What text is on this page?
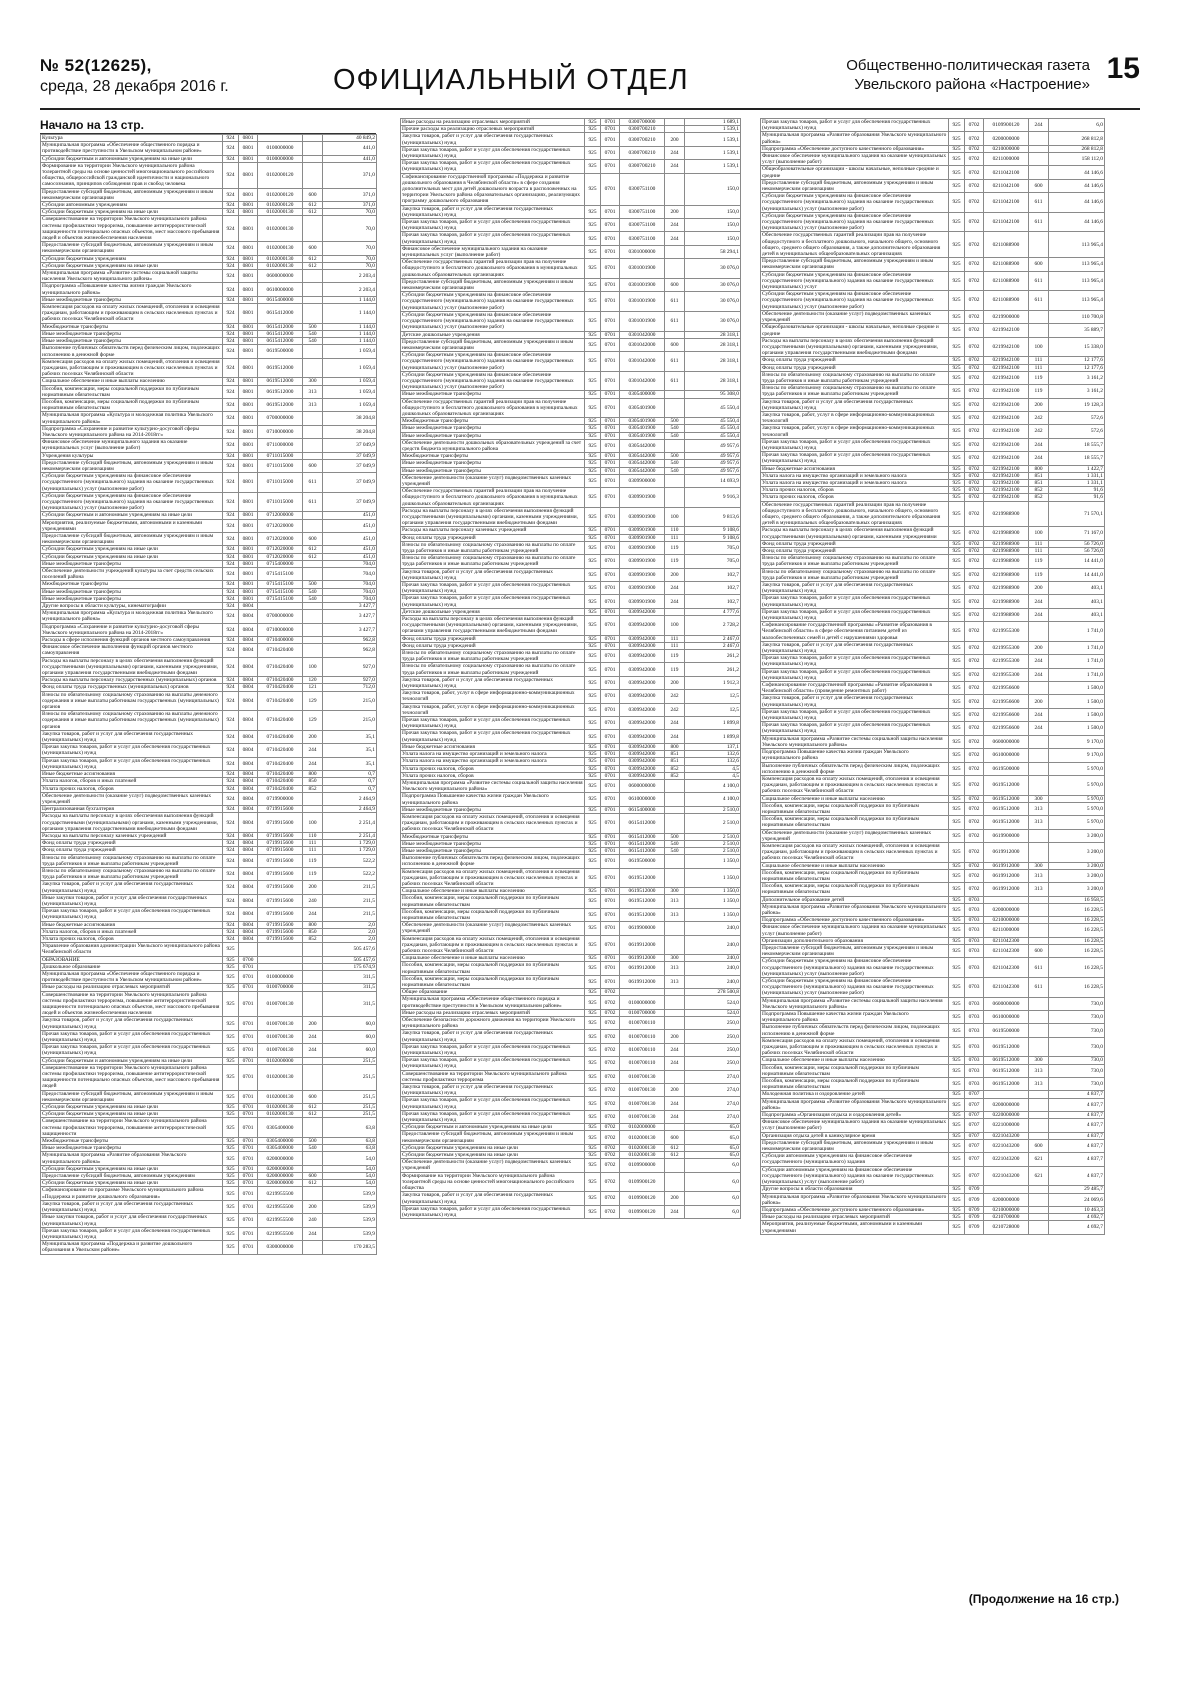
№ 52(12625),
среда, 28 декабря 2016 г.	ОФИЦИАЛЬНЫЙ ОТДЕЛ	Общественно-политическая газета
Увельского района «Настроение» 15
Начало на 13 стр.
Культура	924	0801			40 849,2
Муниципальная программа «Обеспечение общественного порядка и противодействие преступности в Увельском муниципальном районе»	924	0801	0100000000		441,0
Субсидии бюджетным и автономным учреждениям на иные цели	924	0801	0100000000		441,0
Формирование на территории Увельского муниципального района толерантной среды на основе ценностей многонационального российского общества, общероссийской гражданской идентичности и национального самосознания, принципов соблюдения прав и свобод человека	924	0801	0102000120		371,0
Предоставление субсидий бюджетным, автономным учреждениям и иным некоммерческим организациям	924	0801	0102000120	600	371,0
Субсидии автономным учреждениям	924	0801	0102000120	612	371,0
Субсидии бюджетным учреждениям на иные цели	924	0801	0102000130	612	70,0
Совершенствование на территории Увельского муниципального района системы профилактики терроризма, повышение антитеррористической защищенности потенциально опасных объектов, мест массового пребывания людей и объектов жизнеобеспечения населения	924	0801	0102000130		70,0
Предоставление субсидий бюджетным, автономным учреждениям и иным некоммерческим организациям	924	0801	0102000130	600	70,0
Субсидии бюджетным учреждениям	924	0801	0102000130	612	70,0
Субсидии бюджетным учреждениям на иные цели	924	0801	0102000130	612	70,0
Муниципальная программа «Развитие системы социальной защиты населения Увельского муниципального района»	924	0801	0600000000		2 203,4
Подпрограмма «Повышение качества жизни граждан Увельского муниципального района»	924	0801	0610000000		2 203,4
Иные межбюджетные трансферты	924	0801	0615400000		1 144,0
Компенсация расходов на оплату жилых помещений, отопления и освещения гражданам, работающим и проживающим в сельских населенных пунктах и рабочих поселках Челябинской области	924	0801	0615412000		1 144,0
Межбюджетные трансферты	924	0801	0615412000	500	1 144,0
Иные межбюджетные трансферты	924	0801	0615412000	540	1 144,0
Иные межбюджетные трансферты	924	0801	0615412000	540	1 144,0
Выполнение публичных обязательств перед физическим лицом, подлежащих исполнению в денежной форме	924	0801	0619500000		1 059,4
Компенсация расходов на оплату жилых помещений, отопления и освещения гражданам, работающим и проживающим в сельских населенных пунктах и рабочих поселках Челябинской области	924	0801	0619512000		1 059,4
Социальное обеспечение и иные выплаты населению	924	0801	0619512000	300	1 059,4
Пособия, компенсации, меры социальной поддержки по публичным нормативным обязательствам	924	0801	0619512000	313	1 059,4
Пособия, компенсации, меры социальной поддержки по публичным нормативным обязательствам	924	0801	0619512000	313	1 059,4
Муниципальная программа «Культура и молодежная политика Увельского муниципального района»	924	0801	0700000000		38 204,8
Подпрограмма «Сохранение и развитие культурно-досуговой сферы Увельского муниципального района на 2014-2018гг»	924	0801	0710000000		38 204,8
Финансовое обеспечение муниципального задания на оказание муниципальных услуг (выполнение работ)	924	0801	0711000000		37 049,9
Учреждения культуры	924	0801	0711015000		37 049,9
Предоставление субсидий бюджетным, автономным учреждениям и иным некоммерческим организациям	924	0801	0711015000	600	37 049,9
Субсидии бюджетным учреждениям на финансовое обеспечение государственного (муниципального) задания на оказание государственных (муниципальных) услуг (выполнение работ)	924	0801	0711015000	611	37 049,9
Субсидии бюджетным учреждениям на финансовое обеспечение государственного (муниципального) задания на оказание государственных (муниципальных) услуг (выполнение работ)	924	0801	0711015000	611	37 049,9
Субсидии бюджетным и автономным учреждениям на иные цели	924	0801	0712000000		451,0
Мероприятия, реализуемые бюджетными, автономными и казенными учреждениями	924	0801	0712020000		451,0
Предоставление субсидий бюджетным, автономным учреждениям и иным некоммерческим организациям	924	0801	0712020000	600	451,0
Субсидии бюджетным учреждениям на иные цели	924	0801	0712020000	612	451,0
Субсидии бюджетным учреждениям на иные цели	924	0801	0712020000	612	451,0
Иные межбюджетные трансферты	924	0801	0715400000		704,0
Обеспечение деятельности учреждений культуры за счет средств сельских поселений района	924	0801	0715415100		704,0
Межбюджетные трансферты	924	0801	0715415100	500	704,0
Иные межбюджетные трансферты	924	0801	0715415100	540	704,0
Иные межбюджетные трансферты	924	0801	0715415100	540	704,0
Другие вопросы в области культуры, кинематографии	924	0804			3 427,7
Муниципальная программа «Культура и молодежная политика Увельского муниципального района»	924	0804	0700000000		3 427,7
Подпрограмма «Сохранение и развитие культурно-досуговой сферы Увельского муниципального района на 2014-2018гг»	924	0804	0710000000		3 427,7
Расходы в сфере исполнения функций органов местного самоуправления	924	0804	0710400000		962,8
Финансовое обеспечение выполнения функций органов местного самоуправления	924	0804	0710420400		962,8
Расходы на выплаты персоналу в целях обеспечения выполнения функций государственными (муниципальными) органами, казенными учреждениями, органами управления государственными внебюджетными фондами	924	0804	0710420400	100	927,0
Расходы на выплаты персоналу государственных (муниципальных) органов	924	0804	0710420400	120	927,0
Фонд оплаты труда государственных (муниципальных) органов	924	0804	0710420400	121	712,0
Взносы по обязательному социальному страхованию на выплаты денежного содержания и иные выплаты работникам государственных (муниципальных) органов	924	0804	0710420400	129	215,0
Взносы по обязательному социальному страхованию на выплаты денежного содержания и иные выплаты работникам государственных (муниципальных) органов	924	0804	0710420400	129	215,0
Закупка товаров, работ и услуг для обеспечения государственных (муниципальных) нужд	924	0804	0710420400	200	35,1
Прочая закупка товаров, работ и услуг для обеспечения государственных (муниципальных) нужд	924	0804	0710420400	244	35,1
Прочая закупка товаров, работ и услуг для обеспечения государственных (муниципальных) нужд	924	0804	0710420400	244	35,1
Иные бюджетные ассигнования	924	0804	0710420400	800	0,7
Уплата налогов, сборов и иных платежей	924	0804	0710420400	850	0,7
Уплата прочих налогов, сборов	924	0804	0710420400	852	0,7
Обеспечение деятельности (оказание услуг) подведомственных казенных учреждений	924	0804	0719900000		2 464,9
Централизованная бухгалтерия	924	0804	0719915600		2 464,9
Расходы на выплаты персоналу в целях обеспечения выполнения функций государственными (муниципальными) органами, казенными учреждениями, органами управления государственными внебюджетными фондами	924	0804	0719915600	100	2 251,4
Расходы на выплаты персоналу казенных учреждений	924	0804	0719915600	110	2 251,4
Фонд оплаты труда учреждений	924	0804	0719915600	111	1 729,0
Фонд оплаты труда учреждений	924	0804	0719915600	111	1 729,0
Взносы по обязательному социальному страхованию на выплаты по оплате труда работников и иные выплаты работникам учреждений	924	0804	0719915600	119	522,2
Взносы по обязательному социальному страхованию на выплаты по оплате труда работников и иные выплаты работникам учреждений	924	0804	0719915600	119	522,2
Закупка товаров, работ и услуг для обеспечения государственных (муниципальных) нужд	924	0804	0719915600	200	211,5
Иные закупки товаров, работ и услуг для обеспечения государственных (муниципальных) нужд	924	0804	0719915600	240	211,5
Прочая закупка товаров, работ и услуг для обеспечения государственных (муниципальных) нужд	924	0804	0719915600	244	211,5
Иные бюджетные ассигнования	924	0804	0719915600	800	2,0
Уплата налогов, сборов и иных платежей	924	0804	0719915600	850	2,0
Уплата прочих налогов, сборов	924	0804	0719915600	852	2,0
Управление образования администрации Увельского муниципального района Челябинской области	925				505 457,6
ОБРАЗОВАНИЕ	925	0700			505 457,6
Дошкольное образование	925	0701			175 674,9
Муниципальная программа «Обеспечение общественного порядка и противодействие преступности в Увельском муниципальном районе»	925	0701	0100000000		311,5
Иные расходы на реализацию отраслевых мероприятий	925	0701	0100700000		311,5
Совершенствование на территории Увельского муниципального района системы профилактики терроризма, повышение антитеррористической защищенности потенциально опасных объектов, мест массового пребывания людей и объектов жизнеобеспечения населения	925	0701	0100700130		311,5
Закупка товаров, работ и услуг для обеспечения государственных (муниципальных) нужд	925	0701	0100700130	200	60,0
Прочая закупка товаров, работ и услуг для обеспечения государственных (муниципальных) нужд	925	0701	0100700130	244	60,0
Прочая закупка товаров, работ и услуг для обеспечения государственных (муниципальных) нужд	925	0701	0100700130	244	60,0
Субсидии бюджетным и автономным учреждениям на иные цели	925	0701	0102000000		251,5
Совершенствование на территории Увельского муниципального района системы профилактики терроризма, повышение антитеррористической защищенности потенциально опасных объектов, мест массового пребывания людей	925	0701	0102000130		251,5
Предоставление субсидий бюджетным, автономным учреждениям и иным некоммерческим организациям	925	0701	0102000130	600	251,5
Субсидии бюджетным учреждениям на иные цели	925	0701	0102000130	612	251,5
Субсидии бюджетным учреждениям на иные цели	925	0701	0102000130	612	251,5
Совершенствование на территории Увельского муниципального района системы профилактики терроризма, повышение антитеррористической защищенности	925	0701	0305400000		63,8
Межбюджетные трансферты	925	0701	0305400000	500	63,8
Иные межбюджетные трансферты	925	0701	0305400000	540	63,8
Муниципальная программа «Развитие образования Увельского муниципального района»	925	0701	0200000000		54,0
Субсидии бюджетным учреждениям на иные цели	925	0701	0200000000		54,0
Предоставление субсидий бюджетным, автономным учреждениям	925	0701	0200000000	600	54,0
Субсидии бюджетным учреждениям на иные цели	925	0701	0200000000	612	54,0
Софинансирование по программе Увельского муниципального района «Поддержка и развитие дошкольного образования»	925	0701	0219955500		539,9
Закупка товаров, работ и услуг для обеспечения государственных (муниципальных) нужд	925	0701	0219955500	200	539,9
Иные закупки товаров, работ и услуг для обеспечения государственных (муниципальных) нужд	925	0701	0219955500	240	539,9
Прочая закупка товаров, работ и услуг для обеспечения государственных (муниципальных) нужд	925	0701	0219955500	244	539,9
Муниципальная программа «Поддержка и развитие дошкольного образования в Увельском районе»	925	0701	0300000000		170 283,5
Иные расходы на реализацию отраслевых мероприятий	925	0701	0300700000		1 689,1
Прочие расходы на реализацию отраслевых мероприятий	925	0701	0300700210		1 539,1
Закупка товаров, работ и услуг для обеспечения государственных (муниципальных) нужд	925	0701	0300700210	200	1 539,1
Прочая закупка товаров, работ и услуг для обеспечения государственных (муниципальных) нужд	925	0701	0300700210	244	1 539,1
Прочая закупка товаров, работ и услуг для обеспечения государственных (муниципальных) нужд	925	0701	0300700210	244	1 539,1
Софинансирование государственной программы «Поддержка и развитие дошкольного образования в Челябинской области» в сфере создания дополнительных мест для детей дошкольного возраста в расположенных на территории Увельского района образовательных организациях, реализующих программу дошкольного образования	925	0701	0300751100		150,0
Закупка товаров, работ и услуг для обеспечения государственных (муниципальных) нужд	925	0701	0300751100	200	150,0
Прочая закупка товаров, работ и услуг для обеспечения государственных (муниципальных) нужд	925	0701	0300751100	244	150,0
Прочая закупка товаров, работ и услуг для обеспечения государственных (муниципальных) нужд	925	0701	0300751100	244	150,0
Финансовое обеспечение муниципального задания на оказание муниципальных услуг (выполнение работ)	925	0701	0301000000		58 294,1
Обеспечение государственных гарантий реализации прав на получение общедоступного и бесплатного дошкольного образования в муниципальных дошкольных образовательных организациях	925	0701	0301001900		30 076,0
Предоставление субсидий бюджетным, автономным учреждениям и иным некоммерческим организациям	925	0701	0301001900	600	30 076,0
Субсидии бюджетным учреждениям на финансовое обеспечение государственного (муниципального) задания на оказание государственных (муниципальных) услуг (выполнение работ)	925	0701	0301001900	611	30 076,0
Субсидии бюджетным учреждениям на финансовое обеспечение государственного (муниципального) задания на оказание государственных (муниципальных) услуг (выполнение работ)	925	0701	0301001900	611	30 076,0
Детские дошкольные учреждения	925	0701	0301042000		28 318,1
Предоставление субсидий бюджетным, автономным учреждениям и иным некоммерческим организациям	925	0701	0301042000	600	28 318,1
Субсидии бюджетным учреждениям на финансовое обеспечение государственного (муниципального) задания на оказание государственных (муниципальных) услуг (выполнение работ)	925	0701	0301042000	611	28 318,1
Субсидии бюджетным учреждениям на финансовое обеспечение государственного (муниципального) задания на оказание государственных (муниципальных) услуг (выполнение работ)	925	0701	0301042000	611	28 318,1
Иные межбюджетные трансферты	925	0701	0305400000		95 308,0
Обеспечение государственных гарантий реализации прав на получение общедоступного и бесплатного дошкольного образования в муниципальных дошкольных образовательных организациях	925	0701	0305401900		45 550,4
Межбюджетные трансферты	925	0701	0305401900	500	45 550,4
Иные межбюджетные трансферты	925	0701	0305401900	540	45 550,4
Иные межбюджетные трансферты	925	0701	0305401900	540	45 550,4
Обеспечение деятельности дошкольных образовательных учреждений за счет средств бюджета муниципального района	925	0701	0305442000		49 957,6
Межбюджетные трансферты	925	0701	0305442000	500	49 957,6
Иные межбюджетные трансферты	925	0701	0305442000	540	49 957,6
Иные межбюджетные трансферты	925	0701	0305442000	540	49 957,6
Обеспечение деятельности (оказание услуг) подведомственных казенных учреждений	925	0701	0309900000		14 693,9
Обеспечение государственных гарантий реализации прав на получение общедоступного и бесплатного дошкольного образования в муниципальных дошкольных образовательных организациях	925	0701	0309901900		9 916,3
Расходы на выплаты персоналу в целях обеспечения выполнения функций государственными (муниципальными) органами, казенными учреждениями, органами управления государственными внебюджетными фондами	925	0701	0309901900	100	9 813,6
Расходы на выплаты персоналу казенных учреждений	925	0701	0309901900	110	9 108,6
Фонд оплаты труда учреждений	925	0701	0309901900	111	9 108,6
Взносы по обязательному социальному страхованию на выплаты по оплате труда работников и иные выплаты работникам учреждений	925	0701	0309901900	119	705,0
Взносы по обязательному социальному страхованию на выплаты по оплате труда работников и иные выплаты работникам учреждений	925	0701	0309901900	119	705,0
Закупка товаров, работ и услуг для обеспечения государственных (муниципальных) нужд	925	0701	0309901900	200	102,7
Прочая закупка товаров, работ и услуг для обеспечения государственных (муниципальных) нужд	925	0701	0309901900	244	102,7
Прочая закупка товаров, работ и услуг для обеспечения государственных (муниципальных) нужд	925	0701	0309901900	244	102,7
Детские дошкольные учреждения	925	0701	0309942000		4 777,6
Расходы на выплаты персоналу в целях обеспечения выполнения функций государственными (муниципальными) органами, казенными учреждениями, органами управления государственными внебюджетными фондами	925	0701	0309942000	100	2 728,2
Фонд оплаты труда учреждений	925	0701	0309942000	111	2 467,0
Фонд оплаты труда учреждений	925	0701	0309942000	111	2 467,0
Взносы по обязательному социальному страхованию на выплаты по оплате труда работников и иные выплаты работникам учреждений	925	0701	0309942000	119	261,2
Взносы по обязательному социальному страхованию на выплаты по оплате труда работников и иные выплаты работникам учреждений	925	0701	0309942000	119	261,2
Закупка товаров, работ и услуг для обеспечения государственных (муниципальных) нужд	925	0701	0309942000	200	1 912,3
Закупка товаров, работ, услуг в сфере информационно-коммуникационных технологий	925	0701	0309942000	242	12,5
Закупка товаров, работ, услуг в сфере информационно-коммуникационных технологий	925	0701	0309942000	242	12,5
Прочая закупка товаров, работ и услуг для обеспечения государственных (муниципальных) нужд	925	0701	0309942000	244	1 899,8
Прочая закупка товаров, работ и услуг для обеспечения государственных (муниципальных) нужд	925	0701	0309942000	244	1 899,8
Иные бюджетные ассигнования	925	0701	0309942000	800	137,1
Уплата налога на имущество организаций и земельного налога	925	0701	0309942000	851	132,6
Уплата налога на имущество организаций и земельного налога	925	0701	0309942000	851	132,6
Уплата прочих налогов, сборов	925	0701	0309942000	852	4,5
Уплата прочих налогов, сборов	925	0701	0309942000	852	4,5
Муниципальная программа «Развитие системы социальной защиты населения Увельского муниципального района»	925	0701	0600000000		4 100,0
Подпрограмма Повышение качества жизни граждан Увельского муниципального района	925	0701	0610000000		4 100,0
Иные межбюджетные трансферты	925	0701	0615400000		2 510,0
Компенсация расходов на оплату жилых помещений, отопления и освещения гражданам, работающим и проживающим в сельских населенных пунктах и рабочих поселках Челябинской области	925	0701	0615412000		2 510,0
Межбюджетные трансферты	925	0701	0615412000	500	2 510,0
Иные межбюджетные трансферты	925	0701	0615412000	540	2 510,0
Иные межбюджетные трансферты	925	0701	0615412000	540	2 510,0
Выполнение публичных обязательств перед физическим лицом, подлежащих исполнению в денежной форме	925	0701	0619500000		1 350,0
Компенсация расходов на оплату жилых помещений, отопления и освещения гражданам, работающим и проживающим в сельских населенных пунктах и рабочих поселках Челябинской области	925	0701	0619512000		1 350,0
Социальное обеспечение и иные выплаты населению	925	0701	0619512000	300	1 350,0
Пособия, компенсации, меры социальной поддержки по публичным нормативным обязательствам	925	0701	0619512000	313	1 350,0
Пособия, компенсации, меры социальной поддержки по публичным нормативным обязательствам	925	0701	0619512000	313	1 350,0
Обеспечение деятельности (оказание услуг) подведомственных казенных учреждений	925	0701	0619900000		240,0
Компенсация расходов на оплату жилых помещений, отопления и освещения гражданам, работающим и проживающим в сельских населенных пунктах и рабочих поселках Челябинской области	925	0701	0619912000		240,0
Социальное обеспечение и иные выплаты населению	925	0701	0619912000	300	240,0
Пособия, компенсации, меры социальной поддержки по публичным нормативным обязательствам	925	0701	0619912000	313	240,0
Пособия, компенсации, меры социальной поддержки по публичным нормативным обязательствам	925	0701	0619912000	313	240,0
Общее образование	925	0702			278 500,8
Муниципальная программа «Обеспечение общественного порядка и противодействие преступности в Увельском муниципальном районе»	925	0702	0100000000		524,0
Иные расходы на реализацию отраслевых мероприятий	925	0702	0100700000		524,0
Обеспечение безопасности дорожного движения на территории Увельского муниципального района	925	0702	0100700110		250,0
Закупка товаров, работ и услуг для обеспечения государственных (муниципальных) нужд	925	0702	0100700110	200	250,0
Прочая закупка товаров, работ и услуг для обеспечения государственных (муниципальных) нужд	925	0702	0100700110	244	250,0
Прочая закупка товаров, работ и услуг для обеспечения государственных (муниципальных) нужд	925	0702	0100700110	244	250,0
Совершенствование на территории Увельского муниципального района системы профилактики терроризма	925	0702	0100700130		274,0
Закупка товаров, работ и услуг для обеспечения государственных (муниципальных) нужд	925	0702	0100700130	200	274,0
Прочая закупка товаров, работ и услуг для обеспечения государственных (муниципальных) нужд	925	0702	0100700130	244	274,0
Прочая закупка товаров, работ и услуг для обеспечения государственных (муниципальных) нужд	925	0702	0100700130	244	274,0
Субсидии бюджетным и автономным учреждениям на иные цели	925	0702	0102000000		65,0
Предоставление субсидий бюджетным, автономным учреждениям и иным некоммерческим организациям	925	0702	0102000130	600	65,0
Субсидии бюджетным учреждениям на иные цели	925	0702	0102000130	612	65,0
Субсидии бюджетным учреждениям на иные цели	925	0702	0102000130	612	65,0
Обеспечение деятельности (оказание услуг) подведомственных казенных учреждений	925	0702	0109900000		6,0
Формирование на территории Увельского муниципального района толерантной среды на основе ценностей многонационального российского общества	925	0702	0109900120		6,0
Закупка товаров, работ и услуг для обеспечения государственных (муниципальных) нужд	925	0702	0109900120	200	6,0
Прочая закупка товаров, работ и услуг для обеспечения государственных (муниципальных) нужд	925	0702	0109900120	244	6,0
Прочая закупка товаров, работ и услуг для обеспечения государственных (муниципальных) нужд	925	0702	0109900120	244	6,0
Муниципальная программа «Развитие образования Увельского муниципального района»	925	0702	0200000000		268 812,8
Подпрограмма «Обеспечение доступного качественного образования»	925	0702	0210000000		268 812,8
Финансовое обеспечение муниципального задания на оказание муниципальных услуг (выполнение работ)	925	0702	0211000000		158 112,0
Общеобразовательные организации - школы начальные, неполные средние и средние	925	0702	0211042100		44 146,6
Предоставление субсидий бюджетным, автономным учреждениям и иным некоммерческим организациям	925	0702	0211042100	600	44 146,6
Субсидии бюджетным учреждениям на финансовое обеспечение государственного (муниципального) задания на оказание государственных (муниципальных) услуг (выполнение работ)	925	0702	0211042100	611	44 146,6
Субсидии бюджетным учреждениям на финансовое обеспечение государственного (муниципального) задания на оказание государственных (муниципальных) услуг (выполнение работ)	925	0702	0211042100	611	44 146,6
Обеспечение государственных гарантий реализации прав на получение общедоступного и бесплатного дошкольного, начального общего, основного общего, среднего общего образования, а также дополнительного образования детей в муниципальных общеобразовательных организациях	925	0702	0211088900		113 965,4
Предоставление субсидий бюджетным, автономным учреждениям и иным некоммерческим организациям	925	0702	0211088900	600	113 965,4
Субсидии бюджетным учреждениям на финансовое обеспечение государственного (муниципального) задания на оказание государственных (муниципальных) услуг	925	0702	0211088900	611	113 965,4
Субсидии бюджетным учреждениям на финансовое обеспечение государственного (муниципального) задания на оказание государственных (муниципальных) услуг (выполнение работ)	925	0702	0211088900	611	113 965,4
Обеспечение деятельности (оказание услуг) подведомственных казенных учреждений	925	0702	0219900000		110 700,8
Общеобразовательные организации - школы начальные, неполные средние и средние	925	0702	0219942100		35 889,7
Расходы на выплаты персоналу в целях обеспечения выполнения функций государственными (муниципальными) органами, казенными учреждениями, органами управления государственными внебюджетными фондами	925	0702	0219942100	100	15 338,0
Фонд оплаты труда учреждений	925	0702	0219942100	111	12 177,6
Фонд оплаты труда учреждений	925	0702	0219942100	111	12 177,6
Взносы по обязательному социальному страхованию на выплаты по оплате труда работников и иные выплаты работникам учреждений	925	0702	0219942100	119	3 161,2
Взносы по обязательному социальному страхованию на выплаты по оплате труда работников и иные выплаты работникам учреждений	925	0702	0219942100	119	3 161,2
Закупка товаров, работ и услуг для обеспечения государственных (муниципальных) нужд	925	0702	0219942100	200	19 128,3
Закупка товаров, работ, услуг в сфере информационно-коммуникационных технологий	925	0702	0219942100	242	572,6
Закупка товаров, работ, услуг в сфере информационно-коммуникационных технологий	925	0702	0219942100	242	572,6
Прочая закупка товаров, работ и услуг для обеспечения государственных (муниципальных) нужд	925	0702	0219942100	244	18 555,7
Прочая закупка товаров, работ и услуг для обеспечения государственных (муниципальных) нужд	925	0702	0219942100	244	18 555,7
Иные бюджетные ассигнования	925	0702	0219942100	800	1 422,7
Уплата налога на имущество организаций и земельного налога	925	0702	0219942100	851	1 331,1
Уплата налога на имущество организаций и земельного налога	925	0702	0219942100	851	1 331,1
Уплата прочих налогов, сборов	925	0702	0219942100	852	91,6
Уплата прочих налогов, сборов	925	0702	0219942100	852	91,6
Обеспечение государственных гарантий реализации прав на получение общедоступного и бесплатного дошкольного, начального общего, основного общего, среднего общего образования, а также дополнительного образования детей в муниципальных общеобразовательных организациях	925	0702	0219988900		71 570,1
Расходы на выплаты персоналу в целях обеспечения выполнения функций государственными (муниципальными) органами, казенными учреждениями	925	0702	0219988900	100	71 167,0
Фонд оплаты труда учреждений	925	0702	0219988900	111	56 726,0
Фонд оплаты труда учреждений	925	0702	0219988900	111	56 726,0
Взносы по обязательному социальному страхованию на выплаты по оплате труда работников и иные выплаты работникам учреждений	925	0702	0219988900	119	14 441,0
Взносы по обязательному социальному страхованию на выплаты по оплате труда работников и иные выплаты работникам учреждений	925	0702	0219988900	119	14 441,0
Закупка товаров, работ и услуг для обеспечения государственных (муниципальных) нужд	925	0702	0219988900	200	403,1
Прочая закупка товаров, работ и услуг для обеспечения государственных (муниципальных) нужд	925	0702	0219988900	244	403,1
Прочая закупка товаров, работ и услуг для обеспечения государственных (муниципальных) нужд	925	0702	0219988900	244	403,1
Софинансирование государственной программы «Развитие образования в Челябинской области» в сфере обеспечения питанием детей из малообеспеченных семей и детей с нарушениями здоровья	925	0702	0219955300		1 741,0
Закупка товаров, работ и услуг для обеспечения государственных (муниципальных) нужд	925	0702	0219955300	200	1 741,0
Прочая закупка товаров, работ и услуг для обеспечения государственных (муниципальных) нужд	925	0702	0219955300	244	1 741,0
Прочая закупка товаров, работ и услуг для обеспечения государственных (муниципальных) нужд	925	0702	0219955300	244	1 741,0
Софинансирование государственной программы «Развитие образования в Челябинской области» (проведение ремонтных работ)	925	0702	0219956600		1 500,0
Закупка товаров, работ и услуг для обеспечения государственных (муниципальных) нужд	925	0702	0219956600	200	1 500,0
Прочая закупка товаров, работ и услуг для обеспечения государственных (муниципальных) нужд	925	0702	0219956600	244	1 500,0
Прочая закупка товаров, работ и услуг для обеспечения государственных (муниципальных) нужд	925	0702	0219956600	244	1 500,0
Муниципальная программа «Развитие системы социальной защиты населения Увельского муниципального района»	925	0702	0600000000		9 170,0
Подпрограмма Повышение качества жизни граждан Увельского муниципального района	925	0702	0610000000		9 170,0
Выполнение публичных обязательств перед физическим лицом, подлежащих исполнению в денежной форме	925	0702	0619500000		5 970,0
Компенсация расходов на оплату жилых помещений, отопления и освещения гражданам, работающим и проживающим в сельских населенных пунктах и рабочих поселках Челябинской области	925	0702	0619512000		5 970,0
Социальное обеспечение и иные выплаты населению	925	0702	0619512000	300	5 970,0
Пособия, компенсации, меры социальной поддержки по публичным нормативным обязательствам	925	0702	0619512000	313	5 970,0
Пособия, компенсации, меры социальной поддержки по публичным нормативным обязательствам	925	0702	0619512000	313	5 970,0
Обеспечение деятельности (оказание услуг) подведомственных казенных учреждений	925	0702	0619900000		3 200,0
Компенсация расходов на оплату жилых помещений, отопления и освещения гражданам, работающим и проживающим в сельских населенных пунктах и рабочих поселках Челябинской области	925	0702	0619912000		3 200,0
Социальное обеспечение и иные выплаты населению	925	0702	0619912000	300	3 200,0
Пособия, компенсации, меры социальной поддержки по публичным нормативным обязательствам	925	0702	0619912000	313	3 200,0
Пособия, компенсации, меры социальной поддержки по публичным нормативным обязательствам	925	0702	0619912000	313	3 200,0
Дополнительное образование детей	925	0703			16 958,5
Муниципальная программа «Развитие образования Увельского муниципального района»	925	0703	0200000000		16 228,5
Подпрограмма «Обеспечение доступного качественного образования»	925	0703	0210000000		16 228,5
Финансовое обеспечение муниципального задания на оказание муниципальных услуг (выполнение работ)	925	0703	0211000000		16 228,5
Организации дополнительного образования	925	0703	0211042300		16 228,5
Предоставление субсидий бюджетным, автономным учреждениям и иным некоммерческим организациям	925	0703	0211042300	600	16 228,5
Субсидии бюджетным учреждениям на финансовое обеспечение государственного (муниципального) задания на оказание государственных (муниципальных) услуг (выполнение работ)	925	0703	0211042300	611	16 228,5
Субсидии бюджетным учреждениям на финансовое обеспечение государственного (муниципального) задания на оказание государственных (муниципальных) услуг (выполнение работ)	925	0703	0211042300	611	16 228,5
Муниципальная программа «Развитие системы социальной защиты населения Увельского муниципального района»	925	0703	0600000000		730,0
Подпрограмма Повышение качества жизни граждан Увельского муниципального района	925	0703	0610000000		730,0
Выполнение публичных обязательств перед физическим лицом, подлежащих исполнению в денежной форме	925	0703	0619500000		730,0
Компенсация расходов на оплату жилых помещений, отопления и освещения гражданам, работающим и проживающим в сельских населенных пунктах и рабочих поселках Челябинской области	925	0703	0619512000		730,0
Социальное обеспечение и иные выплаты населению	925	0703	0619512000	300	730,0
Пособия, компенсации, меры социальной поддержки по публичным нормативным обязательствам	925	0703	0619512000	313	730,0
Пособия, компенсации, меры социальной поддержки по публичным нормативным обязательствам	925	0703	0619512000	313	730,0
Молодежная политика и оздоровление детей	925	0707			4 837,7
Муниципальная программа «Развитие образования Увельского муниципального района»	925	0707	0200000000		4 837,7
Подпрограмма «Организация отдыха и оздоровления детей»	925	0707	0220000000		4 837,7
Финансовое обеспечение муниципального задания на оказание муниципальных услуг (выполнение работ)	925	0707	0221000000		4 837,7
Организация отдыха детей в каникулярное время	925	0707	0221043200		4 837,7
Предоставление субсидий бюджетным, автономным учреждениям и иным некоммерческим организациям	925	0707	0221043200	600	4 837,7
Субсидии автономным учреждениям на финансовое обеспечение государственного (муниципального) задания	925	0707	0221043200	621	4 837,7
Субсидии автономным учреждениям на финансовое обеспечение государственного (муниципального) задания на оказание государственных (муниципальных) услуг (выполнение работ)	925	0707	0221043200	621	4 837,7
Другие вопросы в области образования	925	0709			29 485,7
Муниципальная программа «Развитие образования Увельского муниципального района»	925	0709	0200000000		24 069,6
Подпрограмма «Обеспечение доступного качественного образования»	925	0709	0210000000		10 463,3
Иные расходы на реализацию отраслевых мероприятий	925	0709	0210700000		4 692,7
Мероприятия, реализуемые бюджетными, автономными и казенными учреждениями	925	0709	0210728000		4 692,7
(Продолжение на 16 стр.)
